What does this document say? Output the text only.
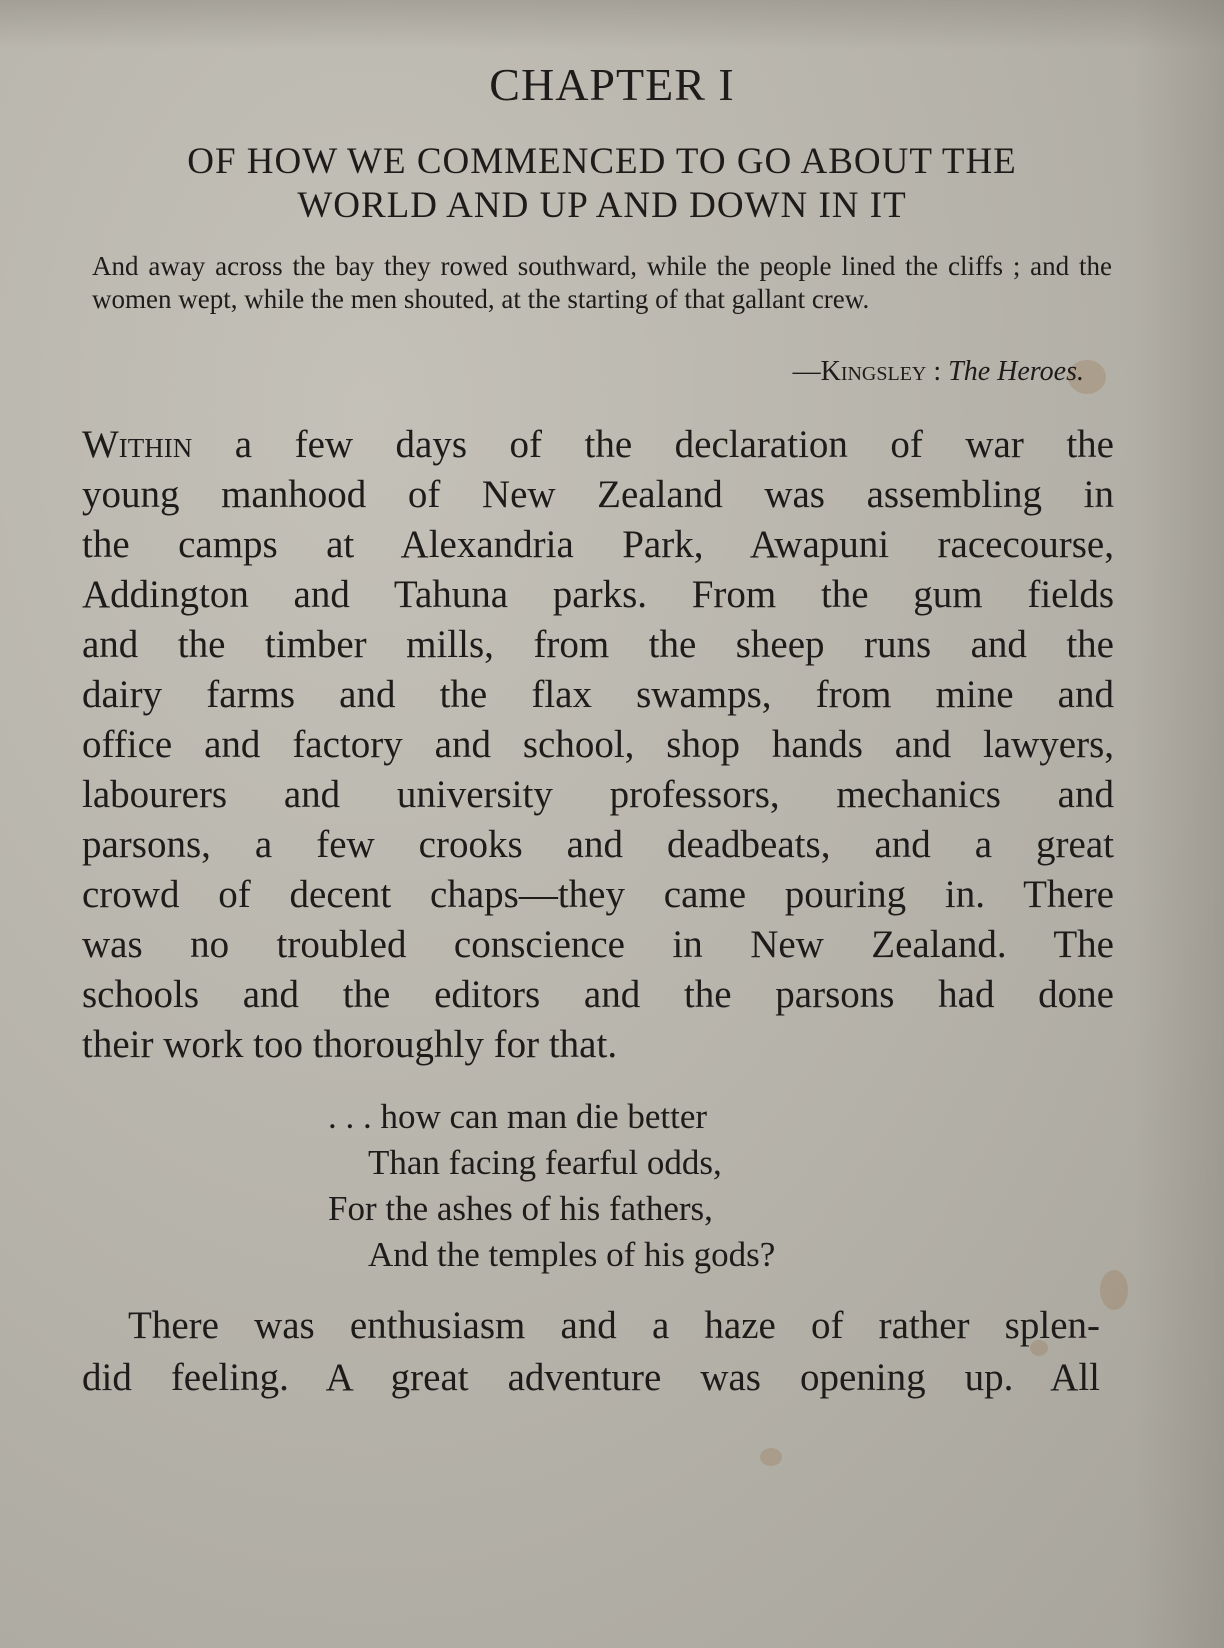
CHAPTER I
OF HOW WE COMMENCED TO GO ABOUT THE
WORLD AND UP AND DOWN IN IT

And away across the bay they rowed southward, while the people lined the cliffs ; and the women wept, while the men shouted, at the starting of that gallant crew.

—Kingsley : The Heroes.

Within a few days of the declaration of war the
young manhood of New Zealand was assembling in
the camps at Alexandria Park, Awapuni racecourse,
Addington and Tahuna parks. From the gum fields
and the timber mills, from the sheep runs and the
dairy farms and the flax swamps, from mine and
office and factory and school, shop hands and lawyers,
labourers and university professors, mechanics and
parsons, a few crooks and deadbeats, and a great
crowd of decent chaps—they came pouring in. There
was no troubled conscience in New Zealand. The
schools and the editors and the parsons had done
their work too thoroughly for that.
. . . how can man die better
Than facing fearful odds,
For the ashes of his fathers,
And the temples of his gods?
There was enthusiasm and a haze of rather splen-
did feeling. A great adventure was opening up. All
